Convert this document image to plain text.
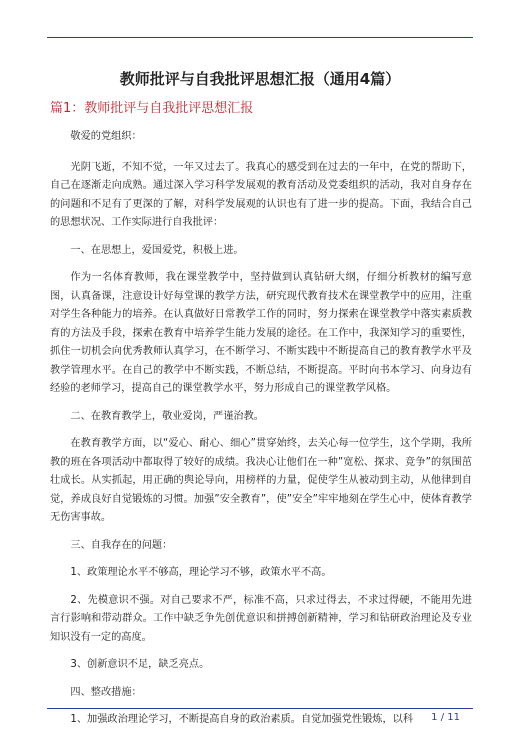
教师批评与自我批评思想汇报（通用4篇）
篇1：教师批评与自我批评思想汇报

敬爱的党组织：

光阴飞逝，不知不觉，一年又过去了。我真心的感受到在过去的一年中，在党的帮助下，自己在逐渐走向成熟。通过深入学习科学发展观的教育活动及党委组织的活动，我对自身存在的问题和不足有了更深的了解，对科学发展观的认识也有了进一步的提高。下面，我结合自己的思想状况、工作实际进行自我批评：

一、在思想上，爱国爱党，积极上进。

作为一名体育教师，我在课堂教学中，坚持做到认真钻研大纲，仔细分析教材的编写意图，认真备课，注意设计好每堂课的教学方法，研究现代教育技术在课堂教学中的应用，注重对学生各种能力的培养。在认真做好日常教学工作的同时，努力探索在课堂教学中落实素质教育的方法及手段，探索在教育中培养学生能力发展的途径。在工作中，我深知学习的重要性，抓住一切机会向优秀教师认真学习，在不断学习、不断实践中不断提高自己的教育教学水平及教学管理水平。在自己的教学中不断实践，不断总结，不断提高。平时向书本学习、向身边有经验的老师学习，提高自己的课堂教学水平，努力形成自己的课堂教学风格。

二、在教育教学上，敬业爱岗，严谨治教。

在教育教学方面，以“爱心、耐心、细心”贯穿始终，去关心每一位学生，这个学期，我所教的班在各项活动中都取得了较好的成绩。我决心让他们在一种”宽松、探求、竞争”的氛围茁壮成长。从实抓起，用正确的舆论导向，用榜样的力量，促使学生从被动到主动，从他律到自觉，养成良好自觉锻炼的习惯。加强”安全教育”，使”安全”牢牢地刻在学生心中，使体育教学无伤害事故。

三、自我存在的问题：

1、政策理论水平不够高，理论学习不够，政策水平不高。

2、先模意识不强。对自己要求不严，标准不高，只求过得去，不求过得硬，不能用先进言行影响和带动群众。工作中缺乏争先创优意识和拼搏创新精神，学习和钻研政治理论及专业知识没有一定的高度。

3、创新意识不足，缺乏亮点。

四、整改措施：

1、加强政治理论学习，不断提高自身的政治素质。自觉加强党性锻炼，以科	1 / 11
